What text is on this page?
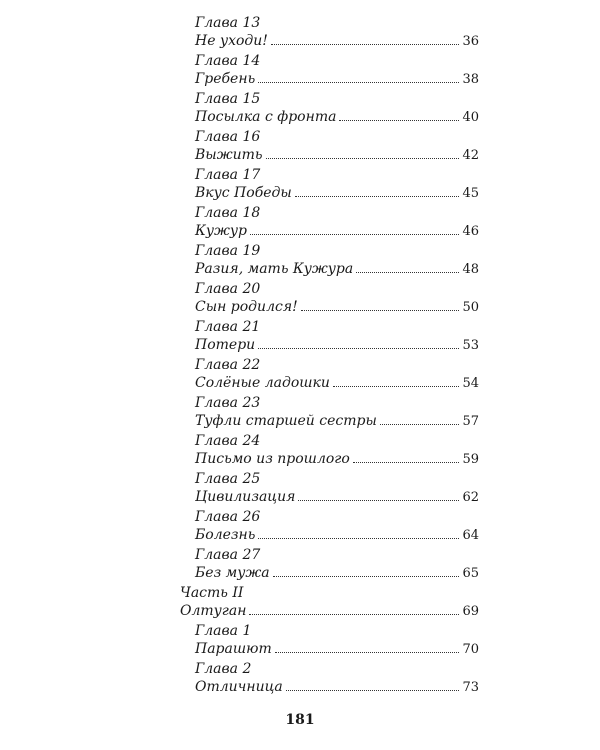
Глава 13
Не уходи!	36
Глава 14
Гребень	38
Глава 15
Посылка с фронта	40
Глава 16
Выжить	42
Глава 17
Вкус Победы	45
Глава 18
Кужур	46
Глава 19
Разия, мать Кужура	48
Глава 20
Сын родился!	50
Глава 21
Потери	53
Глава 22
Солёные ладошки	54
Глава 23
Туфли старшей сестры	57
Глава 24
Письмо из прошлого	59
Глава 25
Цивилизация	62
Глава 26
Болезнь	64
Глава 27
Без мужа	65
Часть II
Олтуган	69
Глава 1
Парашют	70
Глава 2
Отличница	73
181
